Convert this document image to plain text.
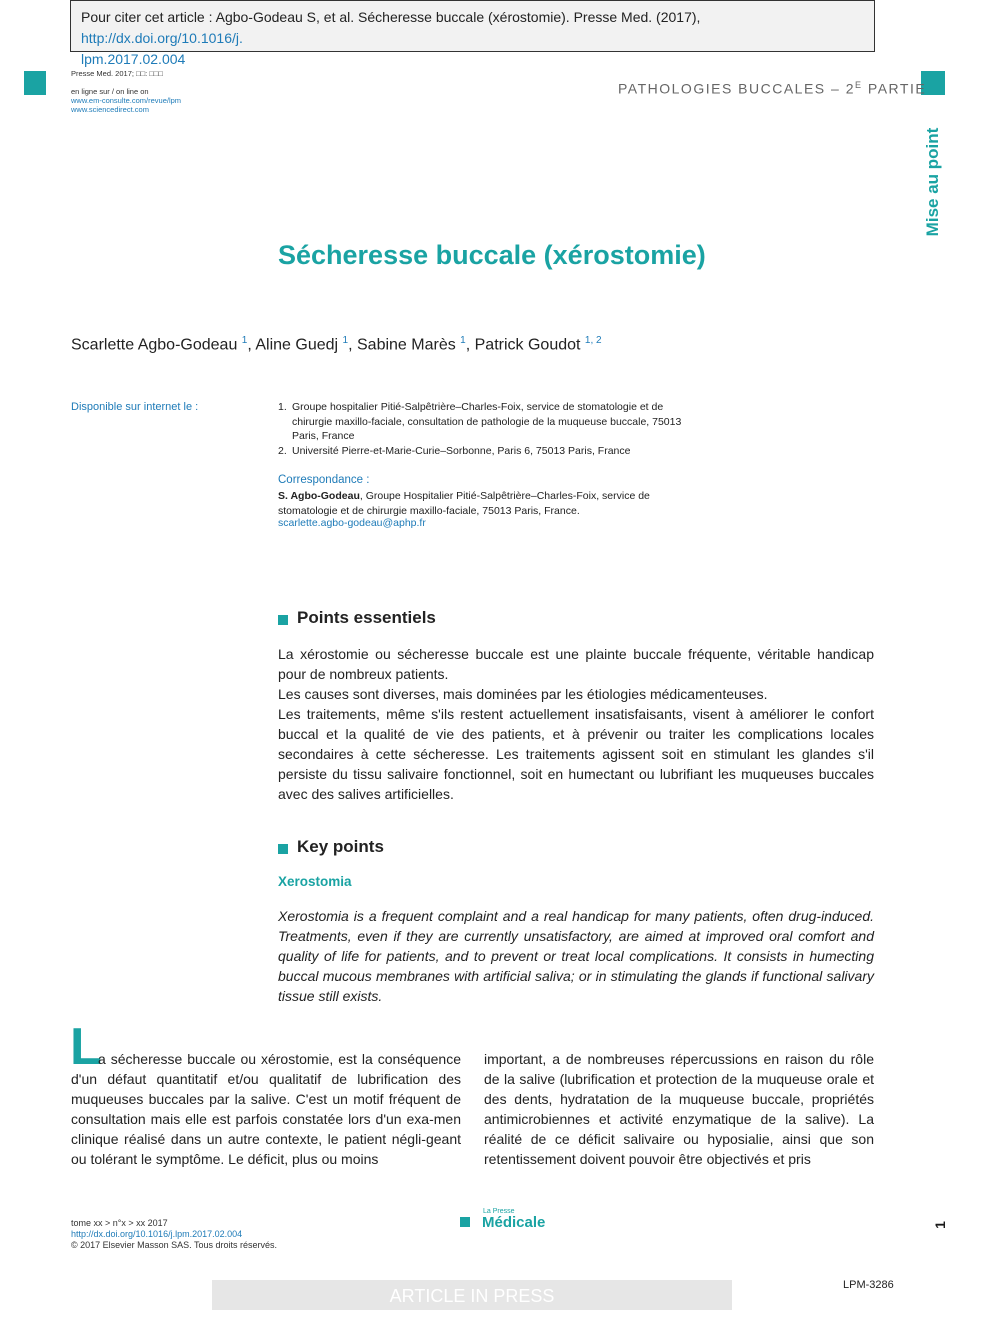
Pour citer cet article : Agbo-Godeau S, et al. Sécheresse buccale (xérostomie). Presse Med. (2017), http://dx.doi.org/10.1016/j.
lpm.2017.02.004
Presse Med. 2017; □□: □□□
en ligne sur / on line on
www.em-consulte.com/revue/lpm
www.sciencedirect.com
PATHOLOGIES BUCCALES – $2^E$ PARTIE
Mise au point
Sécheresse buccale (xérostomie)
Scarlette Agbo-Godeau $^1$, Aline Guedj $^1$, Sabine Marès $^1$, Patrick Goudot $^{1, 2}$
Disponible sur internet le :	1. Groupe hospitalier Pitié-Salpêtrière–Charles-Foix, service de stomatologie et de chirurgie maxillo-faciale, consultation de pathologie de la muqueuse buccale, 75013 Paris, France
2. Université Pierre-et-Marie-Curie–Sorbonne, Paris 6, 75013 Paris, France
Correspondance :
S. Agbo-Godeau, Groupe Hospitalier Pitié-Salpêtrière–Charles-Foix, service de stomatologie et de chirurgie maxillo-faciale, 75013 Paris, France.
scarlette.agbo-godeau@aphp.fr
Points essentiels
La xérostomie ou sécheresse buccale est une plainte buccale fréquente, véritable handicap pour de nombreux patients.
Les causes sont diverses, mais dominées par les étiologies médicamenteuses.
Les traitements, même s'ils restent actuellement insatisfaisants, visent à améliorer le confort buccal et la qualité de vie des patients, et à prévenir ou traiter les complications locales secondaires à cette sécheresse. Les traitements agissent soit en stimulant les glandes s'il persiste du tissu salivaire fonctionnel, soit en humectant ou lubrifiant les muqueuses buccales avec des salives artificielles.
Key points
Xerostomia
Xerostomia is a frequent complaint and a real handicap for many patients, often drug-induced. Treatments, even if they are currently unsatisfactory, are aimed at improved oral comfort and quality of life for patients, and to prevent or treat local complications. It consists in humecting buccal mucous membranes with artificial saliva; or in stimulating the glands if functional salivary tissue still exists.
L
a sécheresse buccale ou xérostomie, est la conséquence
d'un défaut quantitatif et/ou qualitatif de lubrification des muqueuses buccales par la salive. C'est un motif fréquent de consultation mais elle est parfois constatée lors d'un exa-men clinique réalisé dans un autre contexte, le patient négli-geant ou tolérant le symptôme. Le déficit, plus ou moins
important, a de nombreuses répercussions en raison du rôle de la salive (lubrification et protection de la muqueuse orale et des dents, hydratation de la muqueuse buccale, propriétés antimicrobiennes et activité enzymatique de la salive). La réalité de ce déficit salivaire ou hyposialie, ainsi que son retentissement doivent pouvoir être objectivés et pris
tome xx > n°x > xx 2017
http://dx.doi.org/10.1016/j.lpm.2017.02.004
© 2017 Elsevier Masson SAS. Tous droits réservés.
La Presse
Médicale	1
ARTICLE IN PRESS
LPM-3286
